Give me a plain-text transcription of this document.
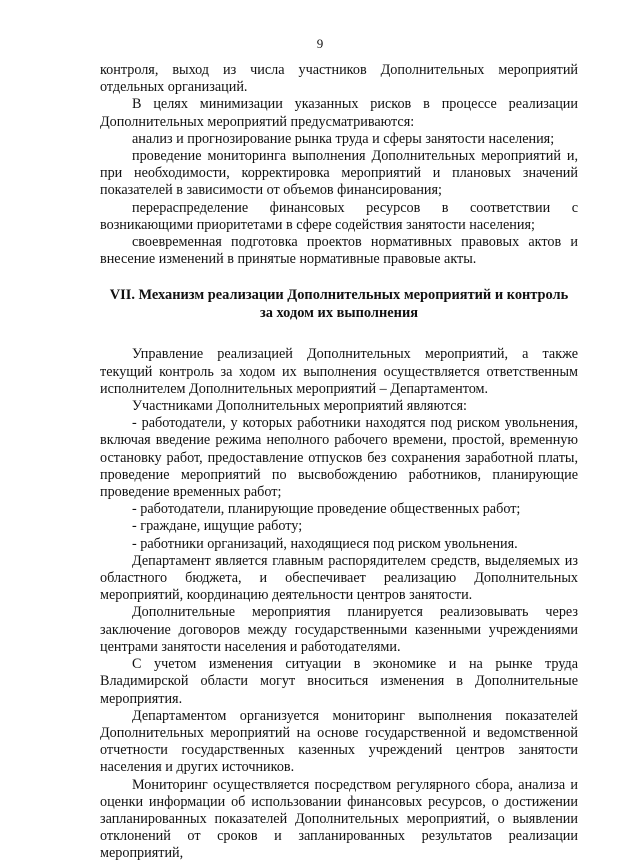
9

контроля, выход из числа участников Дополнительных мероприятий отдельных организаций.

В целях минимизации указанных рисков в процессе реализации Дополнительных мероприятий предусматриваются:

анализ и прогнозирование рынка труда и сферы занятости населения;

проведение мониторинга выполнения Дополнительных мероприятий и, при необходимости, корректировка мероприятий и плановых значений показателей в зависимости от объемов финансирования;

перераспределение финансовых ресурсов в соответствии с возникающими приоритетами в сфере содействия занятости населения;

своевременная подготовка проектов нормативных правовых актов и внесение изменений в принятые нормативные правовые акты.

VII. Механизм реализации Дополнительных мероприятий и контроль
за ходом их выполнения

Управление реализацией Дополнительных мероприятий, а также текущий контроль за ходом их выполнения осуществляется ответственным исполнителем Дополнительных мероприятий – Департаментом.

Участниками Дополнительных мероприятий являются:

- работодатели, у которых работники находятся под риском увольнения, включая введение режима неполного рабочего времени, простой, временную остановку работ, предоставление отпусков без сохранения заработной платы, проведение мероприятий по высвобождению работников, планирующие проведение временных работ;

- работодатели, планирующие проведение общественных работ;

- граждане, ищущие работу;

- работники организаций, находящиеся под риском увольнения.

Департамент является главным распорядителем средств, выделяемых из областного бюджета, и обеспечивает реализацию Дополнительных мероприятий, координацию деятельности центров занятости.

Дополнительные мероприятия планируется реализовывать через заключение договоров между государственными казенными учреждениями центрами занятости населения и работодателями.

С учетом изменения ситуации в экономике и на рынке труда Владимирской области могут вноситься изменения в Дополнительные мероприятия.

Департаментом организуется мониторинг выполнения показателей Дополнительных мероприятий на основе государственной и ведомственной отчетности государственных казенных учреждений центров занятости населения и других источников.

Мониторинг осуществляется посредством регулярного сбора, анализа и оценки информации об использовании финансовых ресурсов, о достижении запланированных показателей Дополнительных мероприятий, о выявлении отклонений от сроков и запланированных результатов реализации мероприятий,
